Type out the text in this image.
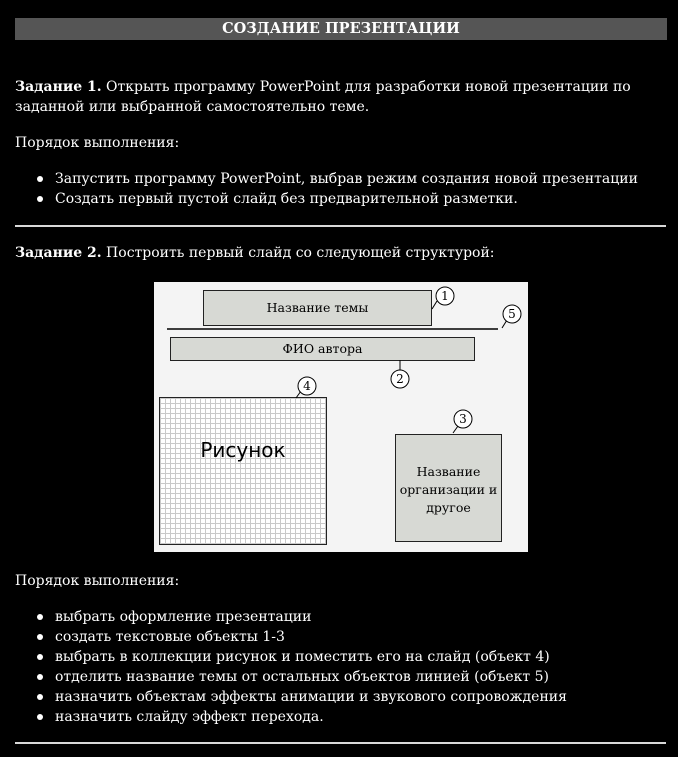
СОЗДАНИЕ ПРЕЗЕНТАЦИИ
Задание 1. Открыть программу PowerPoint для разработки новой презентации по заданной или выбранной самостоятельно теме.
Порядок выполнения:
Запустить программу PowerPoint, выбрав режим создания новой презентации
Создать первый пустой слайд без предварительной разметки.
Задание 2. Построить первый слайд со следующей структурой:
Название темы
ФИО автора
Рисунок
Название
организации и
другое
1
5
2
4
3
Порядок выполнения:
выбрать оформление презентации
создать текстовые объекты 1-3
выбрать в коллекции рисунок и поместить его на слайд (объект 4)
отделить название темы от остальных объектов линией (объект 5)
назначить объектам эффекты анимации и звукового сопровождения
назначить слайду эффект перехода.
